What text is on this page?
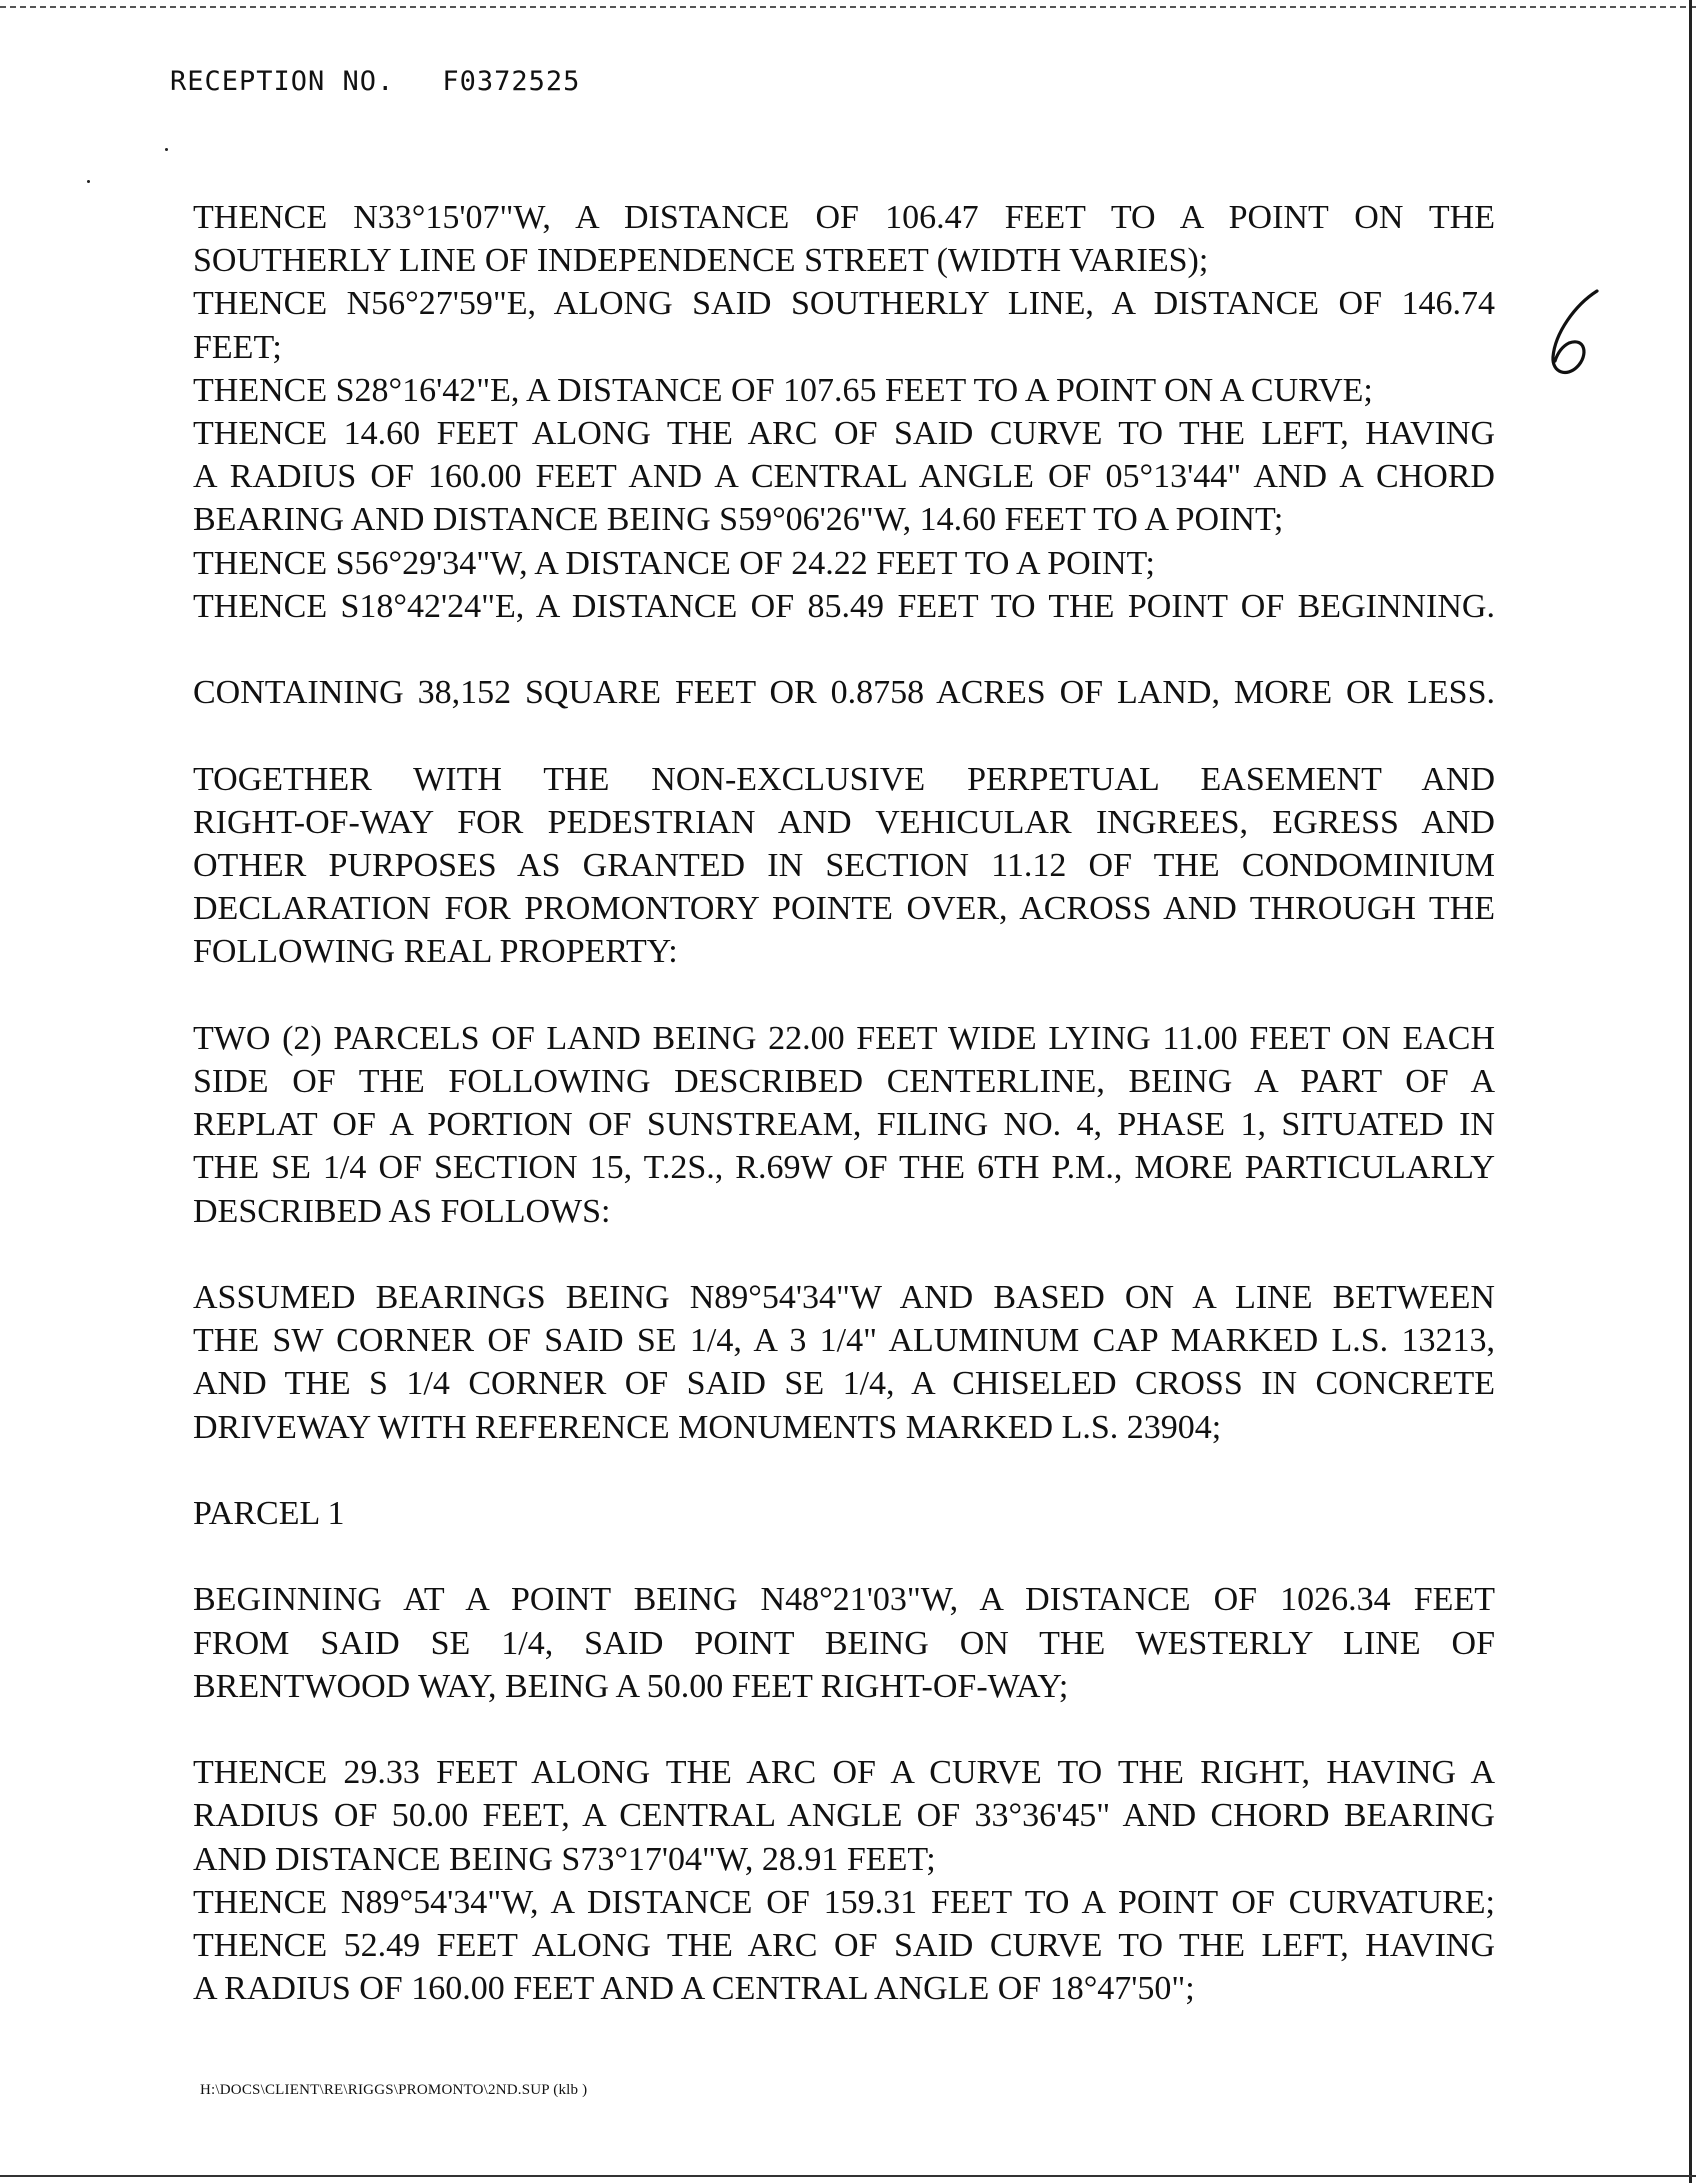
RECEPTION NO. F0372525
THENCE N33°15'07"W, A DISTANCE OF 106.47 FEET TO A POINT ON THE
SOUTHERLY LINE OF INDEPENDENCE STREET (WIDTH VARIES);
THENCE N56°27'59"E, ALONG SAID SOUTHERLY LINE, A DISTANCE OF 146.74
FEET;
THENCE S28°16'42"E, A DISTANCE OF 107.65 FEET TO A POINT ON A CURVE;
THENCE 14.60 FEET ALONG THE ARC OF SAID CURVE TO THE LEFT, HAVING
A RADIUS OF 160.00 FEET AND A CENTRAL ANGLE OF 05°13'44" AND A CHORD
BEARING AND DISTANCE BEING S59°06'26"W, 14.60 FEET TO A POINT;
THENCE S56°29'34"W, A DISTANCE OF 24.22 FEET TO A POINT;
THENCE S18°42'24"E, A DISTANCE OF 85.49 FEET TO THE POINT OF BEGINNING.
CONTAINING 38,152 SQUARE FEET OR 0.8758 ACRES OF LAND, MORE OR LESS.
TOGETHER WITH THE NON-EXCLUSIVE PERPETUAL EASEMENT AND
RIGHT-OF-WAY FOR PEDESTRIAN AND VEHICULAR INGREES, EGRESS AND
OTHER PURPOSES AS GRANTED IN SECTION 11.12 OF THE CONDOMINIUM
DECLARATION FOR PROMONTORY POINTE OVER, ACROSS AND THROUGH THE
FOLLOWING REAL PROPERTY:
TWO (2) PARCELS OF LAND BEING 22.00 FEET WIDE LYING 11.00 FEET ON EACH
SIDE OF THE FOLLOWING DESCRIBED CENTERLINE, BEING A PART OF A
REPLAT OF A PORTION OF SUNSTREAM, FILING NO. 4, PHASE 1, SITUATED IN
THE SE 1/4 OF SECTION 15, T.2S., R.69W OF THE 6TH P.M., MORE PARTICULARLY
DESCRIBED AS FOLLOWS:
ASSUMED BEARINGS BEING N89°54'34"W AND BASED ON A LINE BETWEEN
THE SW CORNER OF SAID SE 1/4, A 3 1/4" ALUMINUM CAP MARKED L.S. 13213,
AND THE S 1/4 CORNER OF SAID SE 1/4, A CHISELED CROSS IN CONCRETE
DRIVEWAY WITH REFERENCE MONUMENTS MARKED L.S. 23904;
PARCEL 1
BEGINNING AT A POINT BEING N48°21'03"W, A DISTANCE OF 1026.34 FEET
FROM SAID SE 1/4, SAID POINT BEING ON THE WESTERLY LINE OF
BRENTWOOD WAY, BEING A 50.00 FEET RIGHT-OF-WAY;
THENCE 29.33 FEET ALONG THE ARC OF A CURVE TO THE RIGHT, HAVING A
RADIUS OF 50.00 FEET, A CENTRAL ANGLE OF 33°36'45" AND CHORD BEARING
AND DISTANCE BEING S73°17'04"W, 28.91 FEET;
THENCE N89°54'34"W, A DISTANCE OF 159.31 FEET TO A POINT OF CURVATURE;
THENCE 52.49 FEET ALONG THE ARC OF SAID CURVE TO THE LEFT, HAVING
A RADIUS OF 160.00 FEET AND A CENTRAL ANGLE OF 18°47'50";
H:\DOCS\CLIENT\RE\RIGGS\PROMONTO\2ND.SUP (klb )
